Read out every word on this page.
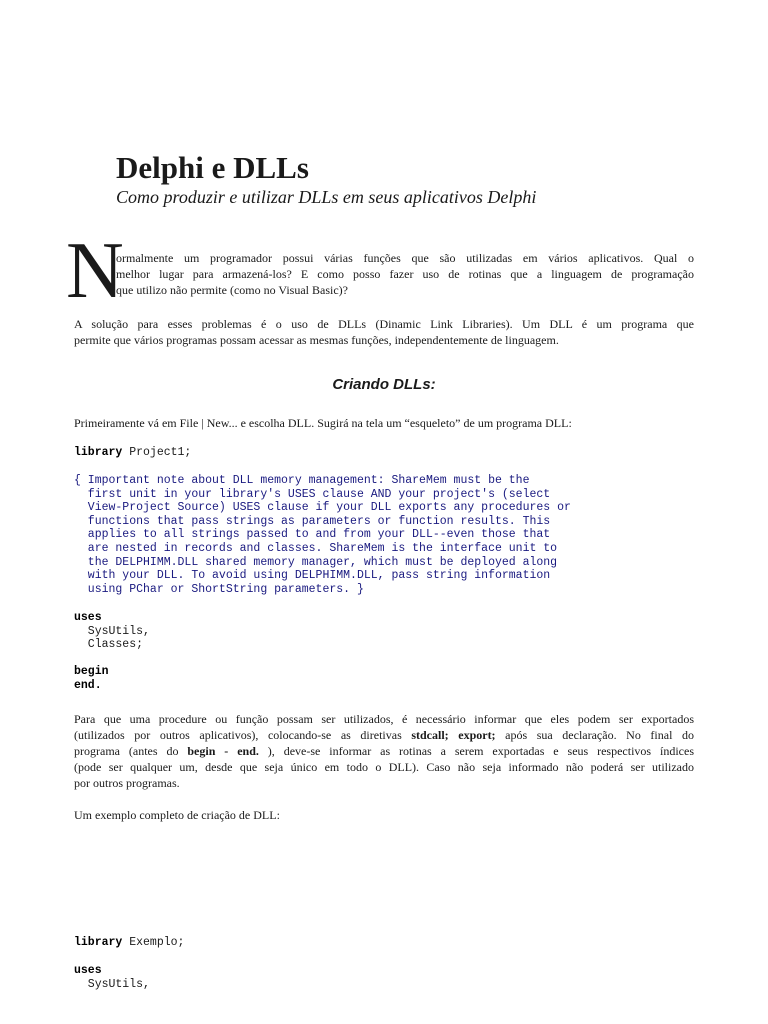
Delphi e DLLs
Como produzir e utilizar DLLs em seus aplicativos Delphi
N
ormalmente um programador possui várias funções que são utilizadas em vários aplicativos. Qual o
melhor lugar para armazená-los? E como posso fazer uso de rotinas que a linguagem de programação
que utilizo não permite (como no Visual Basic)?
A solução para esses problemas é o uso de DLLs (Dinamic Link Libraries). Um DLL é um programa que
permite que vários programas possam acessar as mesmas funções, independentemente de linguagem.
Criando DLLs:
Primeiramente vá em File | New... e escolha DLL. Sugirá na tela um “esqueleto” de um programa DLL:
library Project1;
{ Important note about DLL memory management: ShareMem must be the
first unit in your library's USES clause AND your project's (select
View-Project Source) USES clause if your DLL exports any procedures or
functions that pass strings as parameters or function results. This
applies to all strings passed to and from your DLL--even those that
are nested in records and classes. ShareMem is the interface unit to
the DELPHIMM.DLL shared memory manager, which must be deployed along
with your DLL. To avoid using DELPHIMM.DLL, pass string information
using PChar or ShortString parameters. }
uses
SysUtils,
Classes;
begin
end.
Para que uma procedure ou função possam ser utilizados, é necessário informar que eles podem ser exportados
(utilizados por outros aplicativos), colocando-se as diretivas stdcall; export; após sua declaração. No final do
programa (antes do begin - end. ), deve-se informar as rotinas a serem exportadas e seus respectivos índices
(pode ser qualquer um, desde que seja único em todo o DLL). Caso não seja informado não poderá ser utilizado
por outros programas.
Um exemplo completo de criação de DLL:
library Exemplo;
uses
SysUtils,
